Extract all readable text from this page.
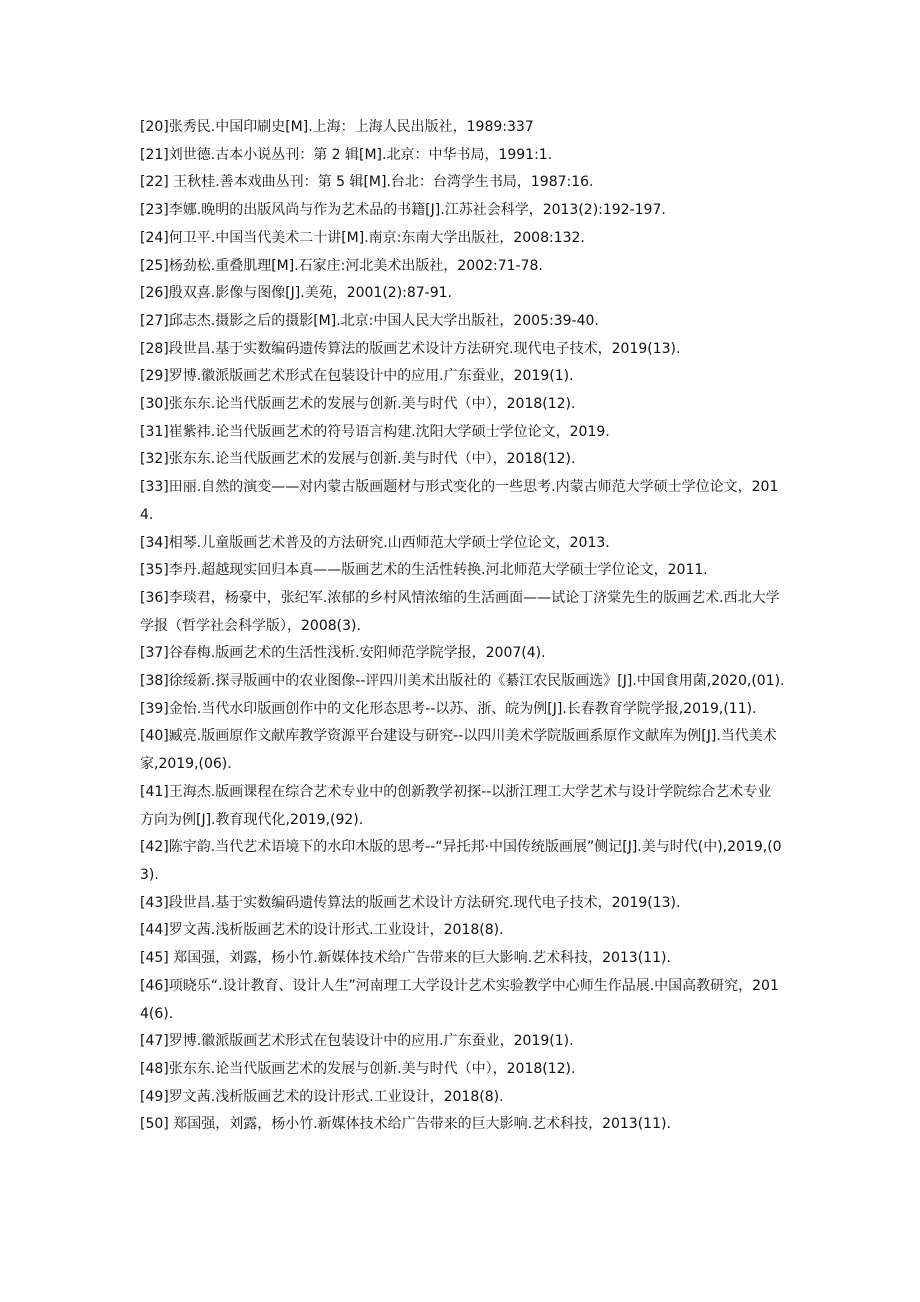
[20]张秀民.中国印刷史[M].上海：上海人民出版社，1989:337
[21]刘世德.古本小说丛刊：第 2 辑[M].北京：中华书局，1991:1.
[22] 王秋桂.善本戏曲丛刊：第 5 辑[M].台北：台湾学生书局，1987:16.
[23]李娜.晚明的出版风尚与作为艺术品的书籍[J].江苏社会科学，2013(2):192-197.
[24]何卫平.中国当代美术二十讲[M].南京:东南大学出版社，2008:132.
[25]杨劲松.重叠肌理[M].石家庄:河北美术出版社，2002:71-78.
[26]殷双喜.影像与图像[J].美苑，2001(2):87-91.
[27]邱志杰.摄影之后的摄影[M].北京:中国人民大学出版社，2005:39-40.
[28]段世昌.基于实数编码遗传算法的版画艺术设计方法研究.现代电子技术，2019(13).
[29]罗博.徽派版画艺术形式在包装设计中的应用.广东蚕业，2019(1).
[30]张东东.论当代版画艺术的发展与创新.美与时代（中），2018(12).
[31]崔紫祎.论当代版画艺术的符号语言构建.沈阳大学硕士学位论文，2019.
[32]张东东.论当代版画艺术的发展与创新.美与时代（中），2018(12).
[33]田丽.自然的演变——对内蒙古版画题材与形式变化的一些思考.内蒙古师范大学硕士学位论文，2014.
[34]相琴.儿童版画艺术普及的方法研究.山西师范大学硕士学位论文，2013.
[35]李丹.超越现实回归本真——版画艺术的生活性转换.河北师范大学硕士学位论文，2011.
[36]李琰君，杨豪中，张纪军.浓郁的乡村风情浓缩的生活画面——试论丁济棠先生的版画艺术.西北大学学报（哲学社会科学版），2008(3).
[37]谷春梅.版画艺术的生活性浅析.安阳师范学院学报，2007(4).
[38]徐绥新.探寻版画中的农业图像--评四川美术出版社的《綦江农民版画选》[J].中国食用菌,2020,(01).
[39]金怡.当代水印版画创作中的文化形态思考--以苏、浙、皖为例[J].长春教育学院学报,2019,(11).
[40]臧亮.版画原作文献库教学资源平台建设与研究--以四川美术学院版画系原作文献库为例[J].当代美术家,2019,(06).
[41]王海杰.版画课程在综合艺术专业中的创新教学初探--以浙江理工大学艺术与设计学院综合艺术专业方向为例[J].教育现代化,2019,(92).
[42]陈宇韵.当代艺术语境下的水印木版的思考--“异托邦·中国传统版画展”侧记[J].美与时代(中),2019,(03).
[43]段世昌.基于实数编码遗传算法的版画艺术设计方法研究.现代电子技术，2019(13).
[44]罗文茜.浅析版画艺术的设计形式.工业设计，2018(8).
[45] 郑国强，刘露，杨小竹.新媒体技术给广告带来的巨大影响.艺术科技，2013(11).
[46]项晓乐“.设计教育、设计人生”河南理工大学设计艺术实验教学中心师生作品展.中国高教研究，2014(6).
[47]罗博.徽派版画艺术形式在包装设计中的应用.广东蚕业，2019(1).
[48]张东东.论当代版画艺术的发展与创新.美与时代（中），2018(12).
[49]罗文茜.浅析版画艺术的设计形式.工业设计，2018(8).
[50] 郑国强，刘露，杨小竹.新媒体技术给广告带来的巨大影响.艺术科技，2013(11).
